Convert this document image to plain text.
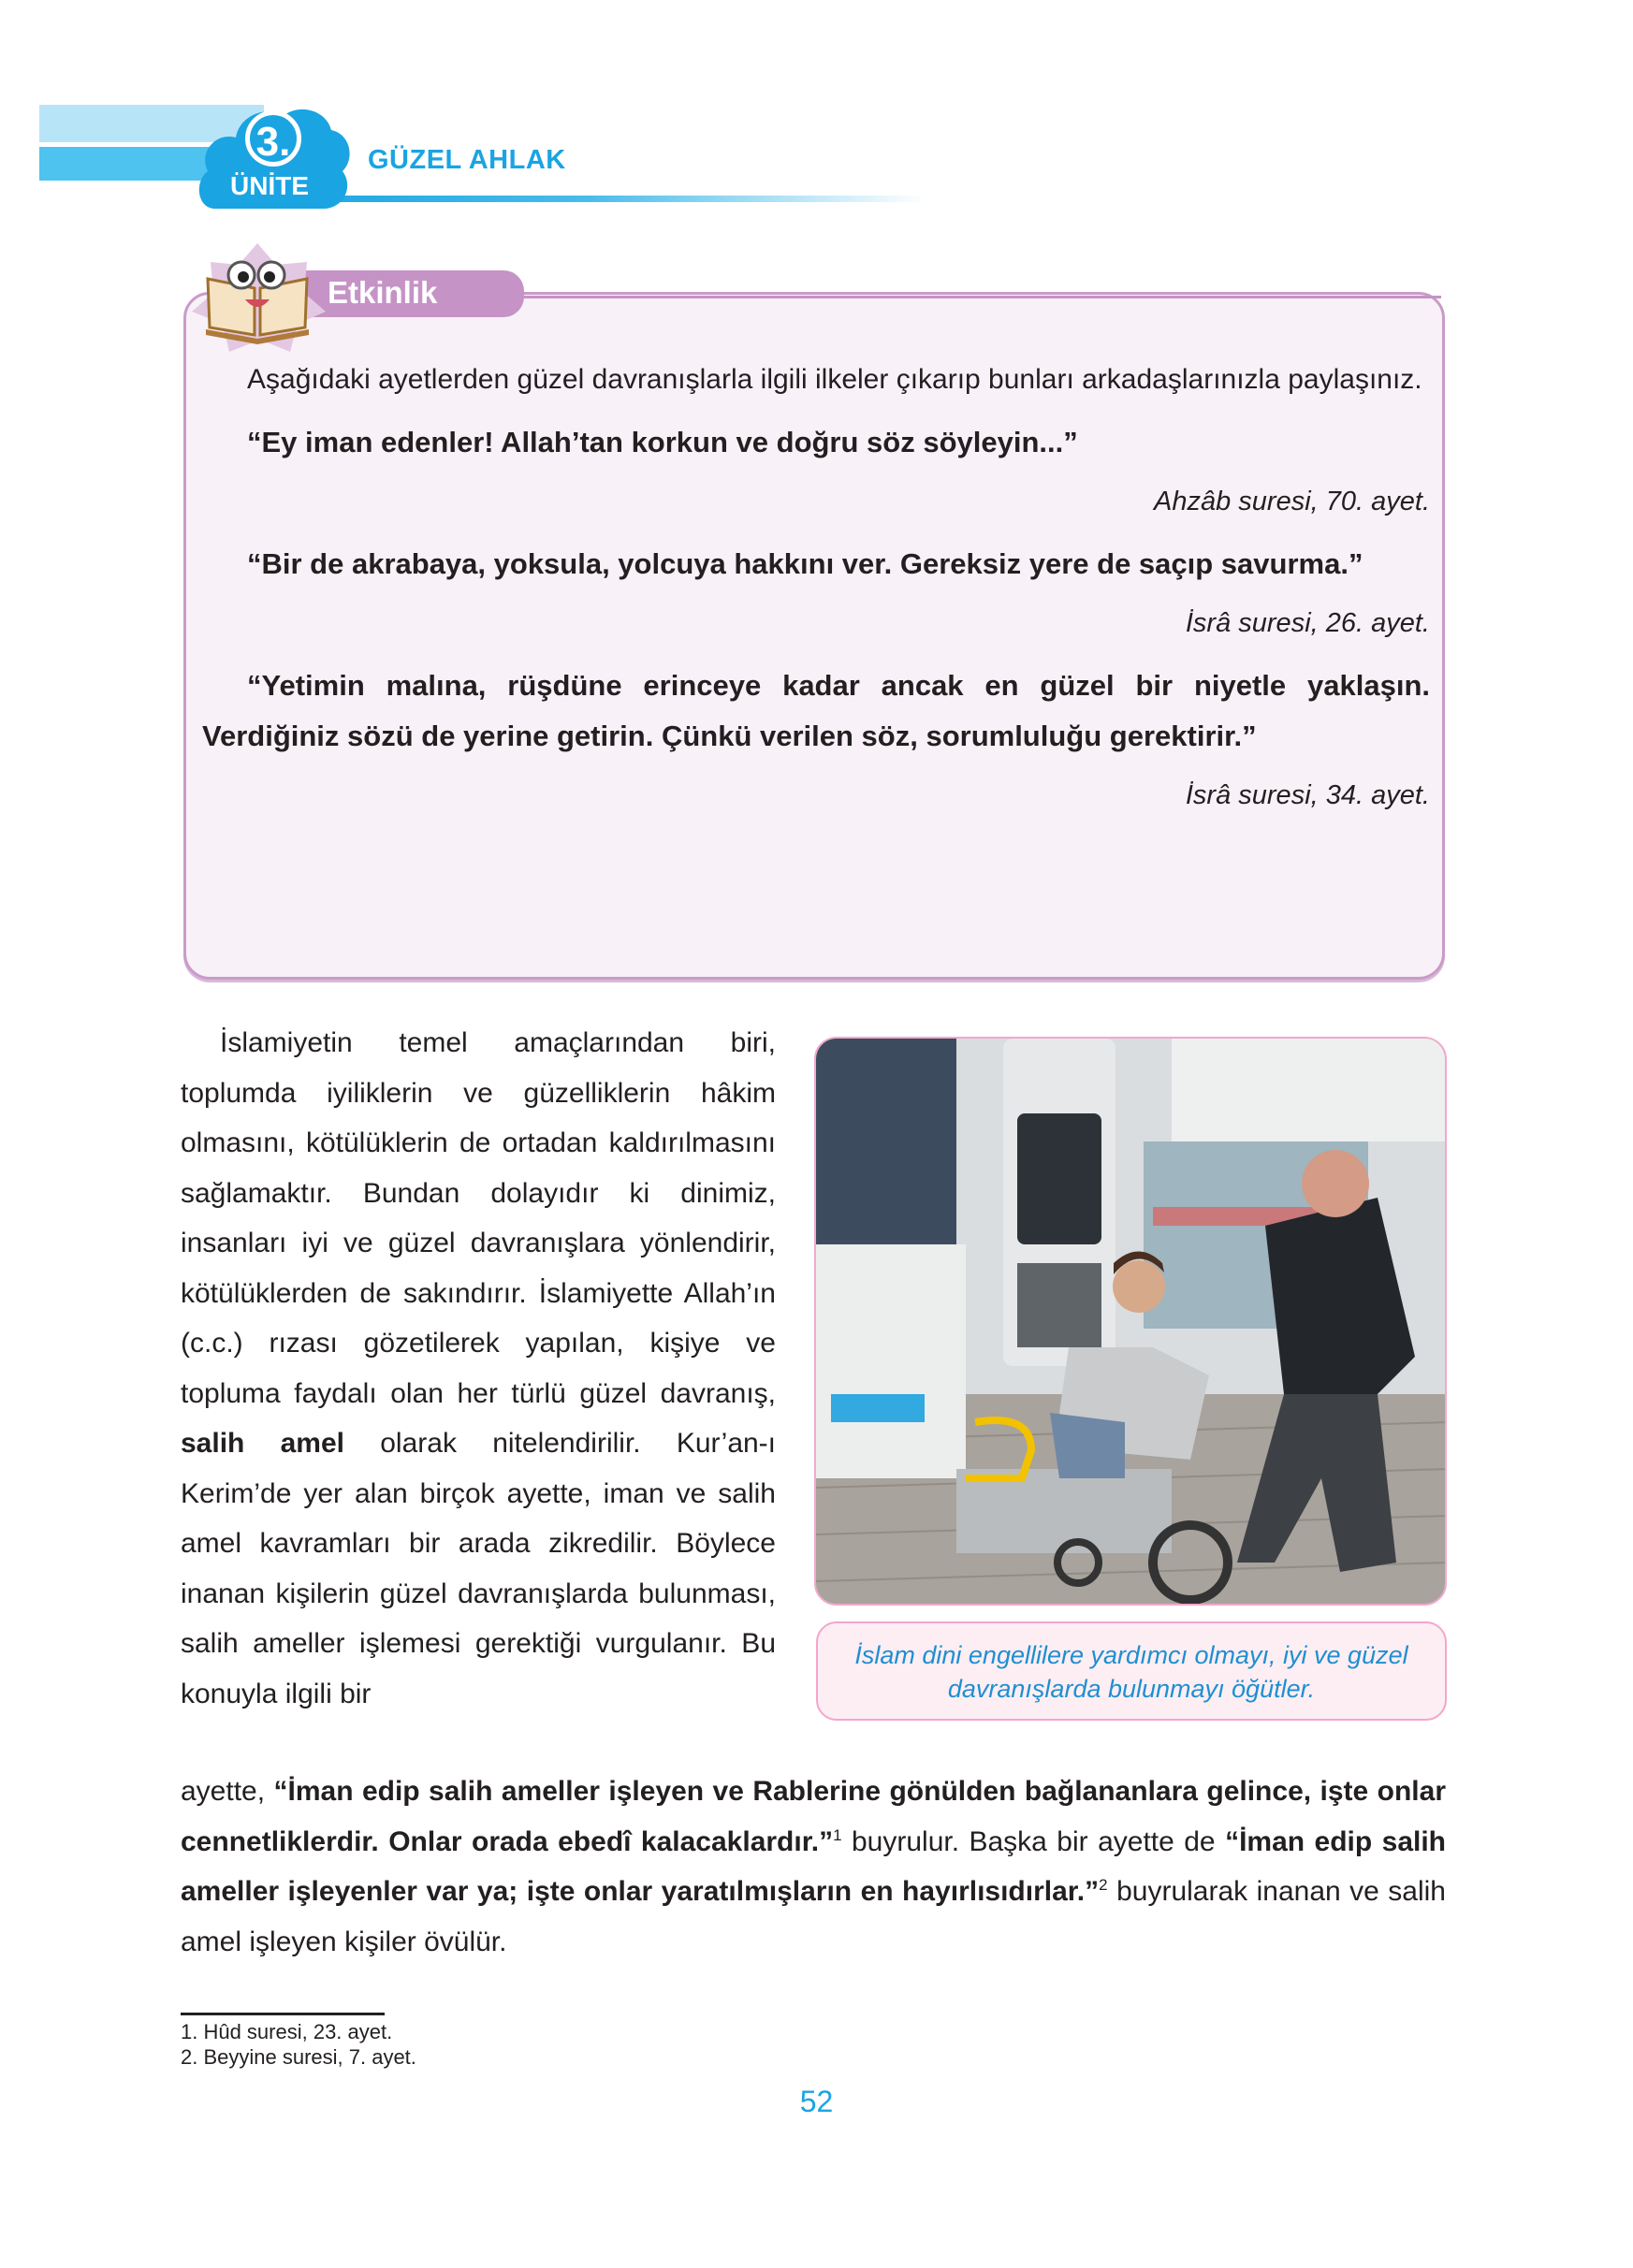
3.
ÜNİTE
GÜZEL AHLAK
Etkinlik

Aşağıdaki ayetlerden güzel davranışlarla ilgili ilkeler çıkarıp bunları arkadaşlarınızla paylaşınız.

“Ey iman edenler! Allah’tan korkun ve doğru söz söyleyin...”

Ahzâb suresi, 70. ayet.

“Bir de akrabaya, yoksula, yolcuya hakkını ver. Gereksiz yere de saçıp savurma.”

İsrâ suresi, 26. ayet.

“Yetimin malına, rüşdüne erinceye kadar ancak en güzel bir niyetle yaklaşın. Verdiğiniz sözü de yerine getirin. Çünkü verilen söz, sorumluluğu gerektirir.”

İsrâ suresi, 34. ayet.

İslamiyetin temel amaçlarından biri, toplumda iyiliklerin ve güzelliklerin hâkim olmasını, kötülüklerin de ortadan kaldırılmasını sağlamaktır. Bundan dolayıdır ki dinimiz, insanları iyi ve güzel davranışlara yönlendirir, kötülüklerden de sakındırır. İslamiyette Allah’ın (c.c.) rızası gözetilerek yapılan, kişiye ve topluma faydalı olan her türlü güzel davranış, salih amel olarak nitelendirilir. Kur’an-ı Kerim’de yer alan birçok ayette, iman ve salih amel kavramları bir arada zikredilir. Böylece inanan kişilerin güzel davranışlarda bulunması, salih ameller işlemesi gerektiği vurgulanır. Bu konuyla ilgili bir

İslam dini engellilere yardımcı olmayı, iyi ve güzel davranışlarda bulunmayı öğütler.

ayette, “İman edip salih ameller işleyen ve Rablerine gönülden bağlananlara gelince, işte onlar cennetliklerdir. Onlar orada ebedî kalacaklardır.”$^1$ buyrulur. Başka bir ayette de “İman edip salih ameller işleyenler var ya; işte onlar yaratılmışların en hayırlısıdırlar.”$^2$ buyrularak inanan ve salih amel işleyen kişiler övülür.

1. Hûd suresi, 23. ayet.
2. Beyyine suresi, 7. ayet.
52
